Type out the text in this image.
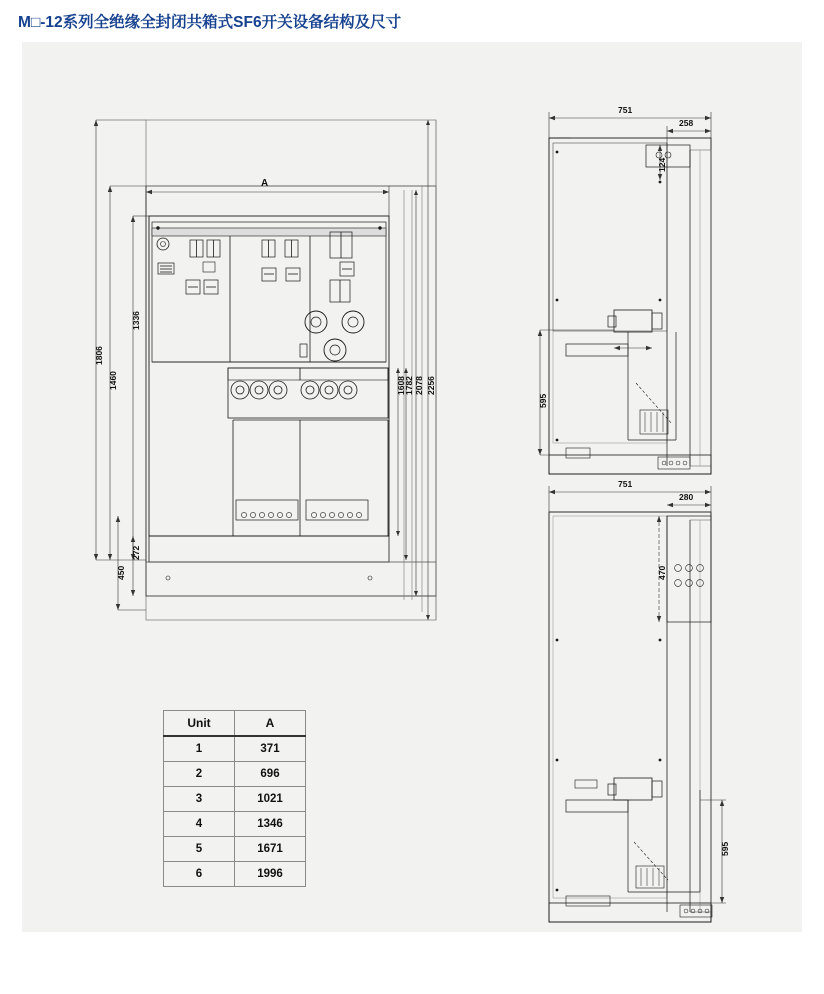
M□-12系列全绝缘全封闭共箱式SF6开关设备结构及尺寸
A
1806
1460
1336
272
450
1608
1782 2078 2256
751
258
124
595
751
280
470
595
Unit	A
1	371
2	696
3	1021
4	1346
5	1671
6	1996
